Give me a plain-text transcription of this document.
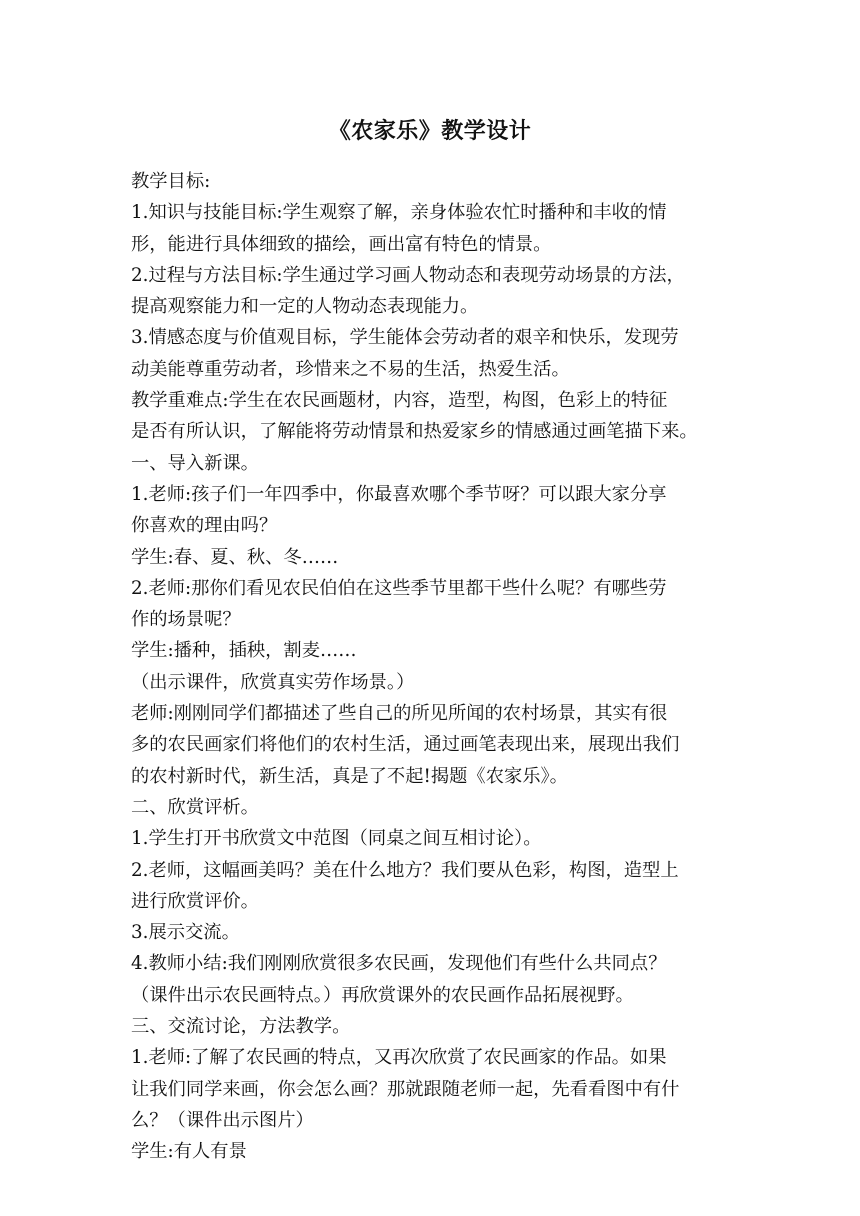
《农家乐》教学设计
教学目标:
1.知识与技能目标:学生观察了解，亲身体验农忙时播种和丰收的情
形，能进行具体细致的描绘，画出富有特色的情景。
2.过程与方法目标:学生通过学习画人物动态和表现劳动场景的方法，
提高观察能力和一定的人物动态表现能力。
3.情感态度与价值观目标，学生能体会劳动者的艰辛和快乐，发现劳
动美能尊重劳动者，珍惜来之不易的生活，热爱生活。
教学重难点:学生在农民画题材，内容，造型，构图，色彩上的特征
是否有所认识，了解能将劳动情景和热爱家乡的情感通过画笔描下来。
一、导入新课。
1.老师:孩子们一年四季中，你最喜欢哪个季节呀？可以跟大家分享
你喜欢的理由吗？
学生:春、夏、秋、冬……
2.老师:那你们看见农民伯伯在这些季节里都干些什么呢？有哪些劳
作的场景呢？
学生:播种，插秧，割麦……
（出示课件，欣赏真实劳作场景。）
老师:刚刚同学们都描述了些自己的所见所闻的农村场景，其实有很
多的农民画家们将他们的农村生活，通过画笔表现出来，展现出我们
的农村新时代，新生活，真是了不起!揭题《农家乐》。
二、欣赏评析。
1.学生打开书欣赏文中范图（同桌之间互相讨论）。
2.老师，这幅画美吗？美在什么地方？我们要从色彩，构图，造型上
进行欣赏评价。
3.展示交流。
4.教师小结:我们刚刚欣赏很多农民画，发现他们有些什么共同点？
（课件出示农民画特点。）再欣赏课外的农民画作品拓展视野。
三、交流讨论，方法教学。
1.老师:了解了农民画的特点，又再次欣赏了农民画家的作品。如果
让我们同学来画，你会怎么画？那就跟随老师一起，先看看图中有什
么？（课件出示图片）
学生:有人有景
